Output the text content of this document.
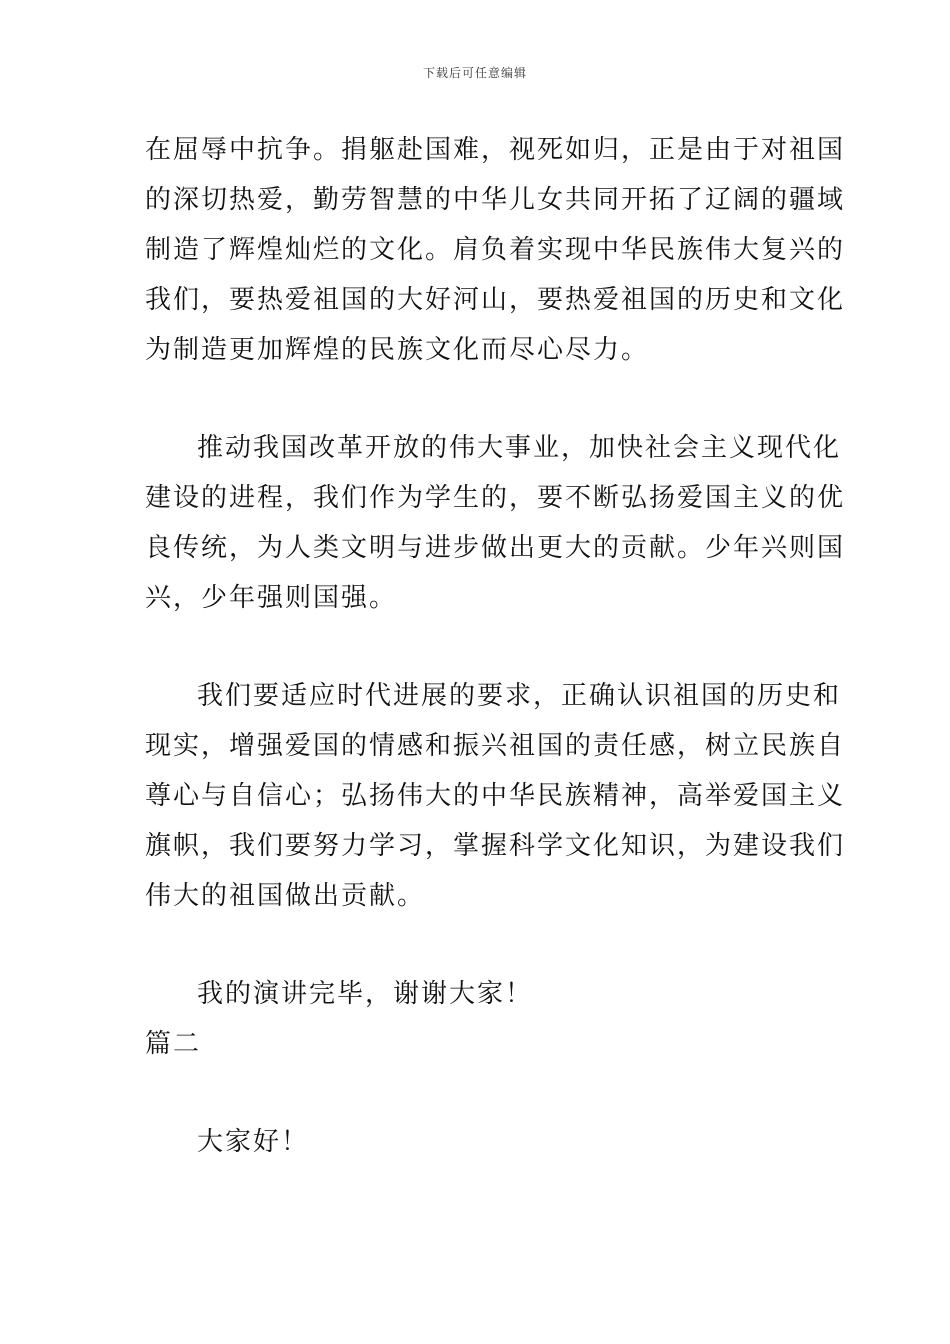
下载后可任意编辑
在屈辱中抗争。捐躯赴国难，视死如归，正是由于对祖国
的深切热爱，勤劳智慧的中华儿女共同开拓了辽阔的疆域
制造了辉煌灿烂的文化。肩负着实现中华民族伟大复兴的
我们，要热爱祖国的大好河山，要热爱祖国的历史和文化
为制造更加辉煌的民族文化而尽心尽力。
推动我国改革开放的伟大事业，加快社会主义现代化
建设的进程，我们作为学生的，要不断弘扬爱国主义的优
良传统，为人类文明与进步做出更大的贡献。少年兴则国
兴，少年强则国强。
我们要适应时代进展的要求，正确认识祖国的历史和
现实，增强爱国的情感和振兴祖国的责任感，树立民族自
尊心与自信心；弘扬伟大的中华民族精神，高举爱国主义
旗帜，我们要努力学习，掌握科学文化知识，为建设我们
伟大的祖国做出贡献。
我的演讲完毕，谢谢大家！
篇二
大家好！
